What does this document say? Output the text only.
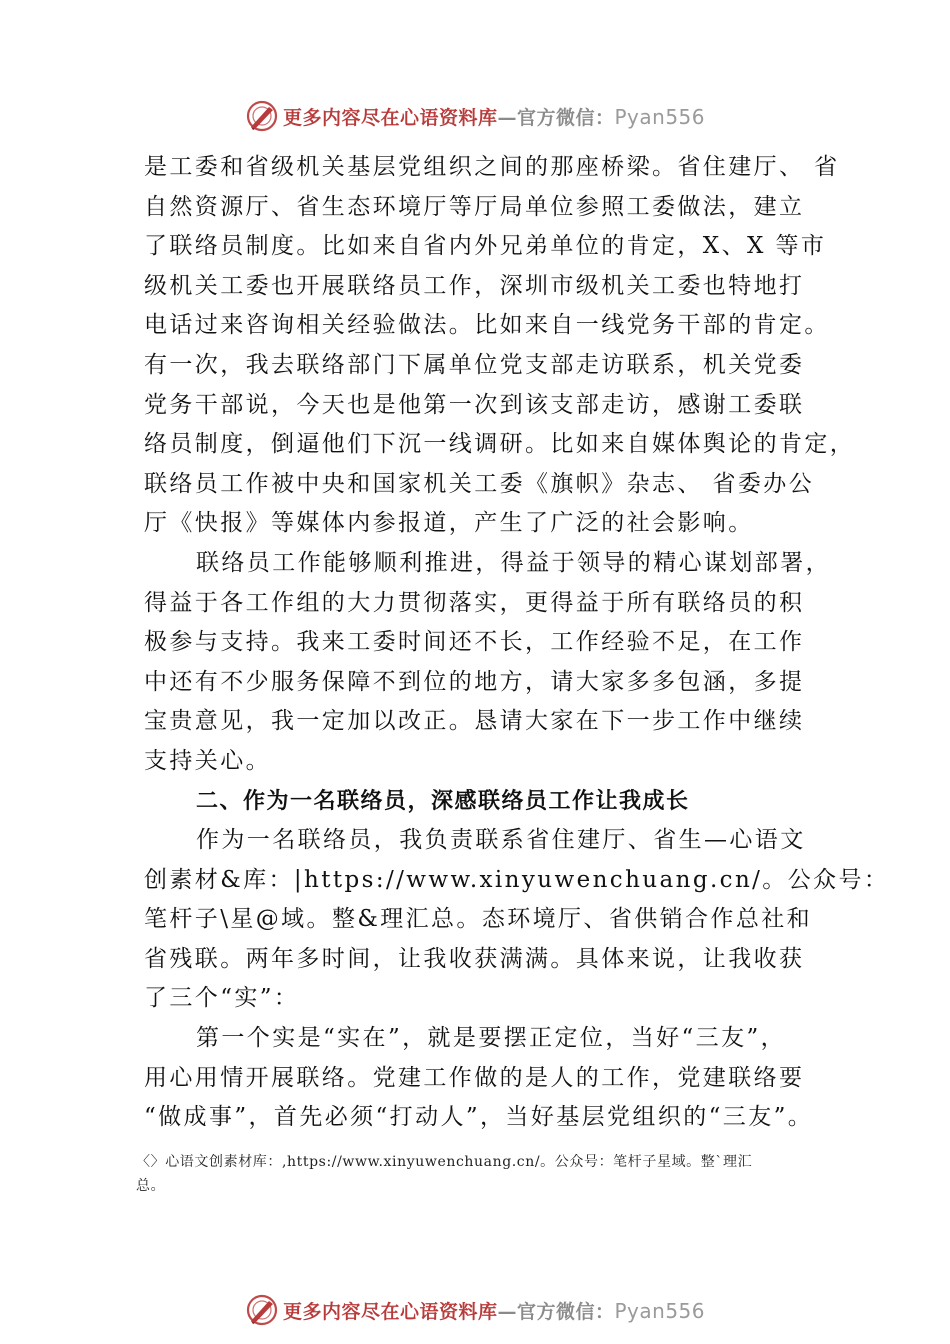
更多内容尽在心语资料库—官方微信：Pyan556
是工委和省级机关基层党组织之间的那座桥梁。省住建厅、 省
自然资源厅、省生态环境厅等厅局单位参照工委做法，建立
了联络员制度。比如来自省内外兄弟单位的肯定，X、X 等市
级机关工委也开展联络员工作，深圳市级机关工委也特地打
电话过来咨询相关经验做法。比如来自一线党务干部的肯定。
有一次，我去联络部门下属单位党支部走访联系，机关党委
党务干部说，今天也是他第一次到该支部走访，感谢工委联
络员制度，倒逼他们下沉一线调研。比如来自媒体舆论的肯定，
联络员工作被中央和国家机关工委《旗帜》杂志、 省委办公
厅《快报》等媒体内参报道，产生了广泛的社会影响。
联络员工作能够顺利推进，得益于领导的精心谋划部署，
得益于各工作组的大力贯彻落实，更得益于所有联络员的积
极参与支持。我来工委时间还不长，工作经验不足，在工作
中还有不少服务保障不到位的地方，请大家多多包涵，多提
宝贵意见，我一定加以改正。恳请大家在下一步工作中继续
支持关心。
二、作为一名联络员，深感联络员工作让我成长
作为一名联络员，我负责联系省住建厅、省生—心语文
创素材&库：|https://www.xinyuwenchuang.cn/。公众号：
笔杆子\星@域。整&理汇总。态环境厅、省供销合作总社和
省残联。两年多时间，让我收获满满。具体来说，让我收获
了三个“实”：
第一个实是“实在”，就是要摆正定位，当好“三友”，
用心用情开展联络。党建工作做的是人的工作，党建联络要
“做成事”，首先必须“打动人”，当好基层党组织的“三友”。
〈〉心语文创素材库：,https://www.xinyuwenchuang.cn/。公众号：笔杆子星域。整`理汇
总。
更多内容尽在心语资料库—官方微信：Pyan556
